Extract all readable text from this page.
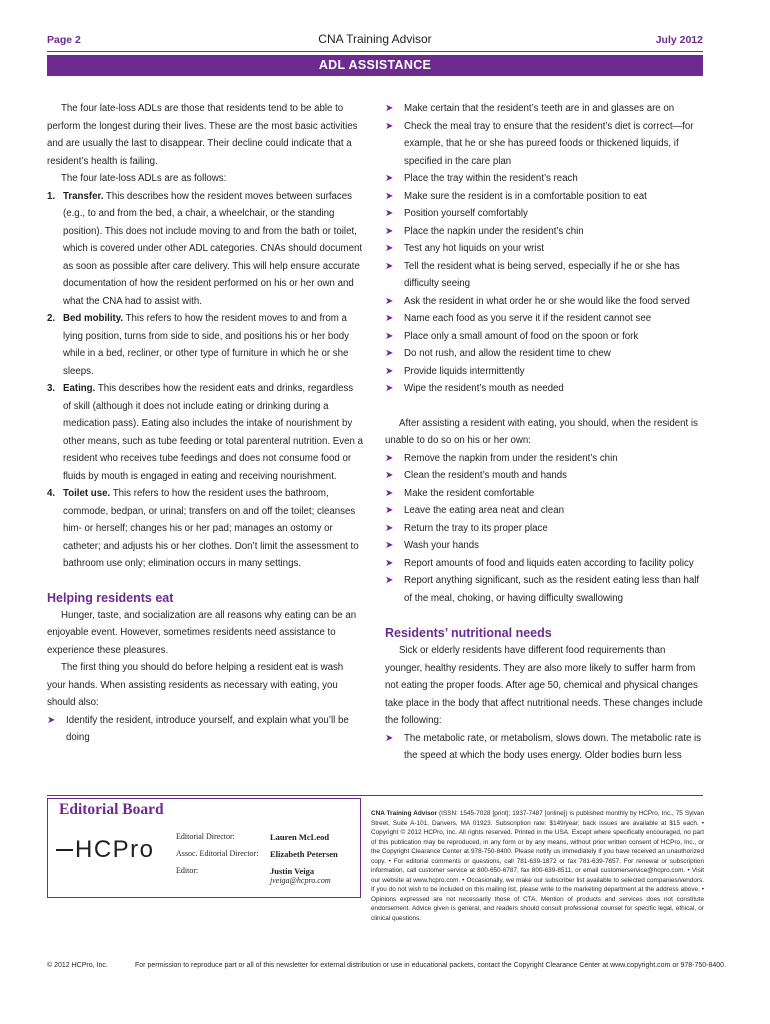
Page 2	CNA Training Advisor	July 2012
ADL ASSISTANCE

The four late-loss ADLs are those that residents tend to be able to perform the longest during their lives. These are the most basic activities and are usually the last to disappear. Their decline could indicate that a resident’s health is failing.

The four late-loss ADLs are as follows:

1. Transfer. This describes how the resident moves between surfaces (e.g., to and from the bed, a chair, a wheelchair, or the standing position). This does not include moving to and from the bath or toilet, which is covered under other ADL categories. CNAs should document as soon as possible after care delivery. This will help ensure accurate documentation of how the resident performed on his or her own and what the CNA had to assist with.
2. Bed mobility. This refers to how the resident moves to and from a lying position, turns from side to side, and positions his or her body while in a bed, recliner, or other type of furniture in which he or she sleeps.
3. Eating. This describes how the resident eats and drinks, regardless of skill (although it does not include eating or drinking during a medication pass). Eating also includes the intake of nourishment by other means, such as tube feeding or total parenteral nutrition. Even a resident who receives tube feedings and does not consume food or fluids by mouth is engaged in eating and receiving nourishment.
4. Toilet use. This refers to how the resident uses the bathroom, commode, bedpan, or urinal; transfers on and off the toilet; cleanses him- or herself; changes his or her pad; manages an ostomy or catheter; and adjusts his or her clothes. Don’t limit the assessment to bathroom use only; elimination occurs in many settings.
Helping residents eat

Hunger, taste, and socialization are all reasons why eating can be an enjoyable event. However, sometimes residents need assistance to experience these pleasures.

The first thing you should do before helping a resident eat is wash your hands. When assisting residents as necessary with eating, you should also:

➤ Identify the resident, introduce yourself, and explain what you’ll be doing
➤ Make certain that the resident’s teeth are in and glasses are on
➤ Check the meal tray to ensure that the resident’s diet is correct—for example, that he or she has pureed foods or thickened liquids, if specified in the care plan
➤ Place the tray within the resident’s reach
➤ Make sure the resident is in a comfortable position to eat
➤ Position yourself comfortably
➤ Place the napkin under the resident’s chin
➤ Test any hot liquids on your wrist
➤ Tell the resident what is being served, especially if he or she has difficulty seeing
➤ Ask the resident in what order he or she would like the food served
➤ Name each food as you serve it if the resident cannot see
➤ Place only a small amount of food on the spoon or fork
➤ Do not rush, and allow the resident time to chew
➤ Provide liquids intermittently
➤ Wipe the resident’s mouth as needed

After assisting a resident with eating, you should, when the resident is unable to do so on his or her own:

➤ Remove the napkin from under the resident’s chin
➤ Clean the resident’s mouth and hands
➤ Make the resident comfortable
➤ Leave the eating area neat and clean
➤ Return the tray to its proper place
➤ Wash your hands
➤ Report amounts of food and liquids eaten according to facility policy
➤ Report anything significant, such as the resident eating less than half of the meal, choking, or having difficulty swallowing
Residents’ nutritional needs

Sick or elderly residents have different food requirements than younger, healthy residents. They are also more likely to suffer harm from not eating the proper foods. After age 50, chemical and physical changes take place in the body that affect nutritional needs. These changes include the following:

➤ The metabolic rate, or metabolism, slows down. The metabolic rate is the speed at which the body uses energy. Older bodies burn less
Editorial Board
HCPro	Editorial Director:	Lauren McLeod
Assoc. Editorial Director: Elizabeth Petersen
Editor:	Justin Veiga
jveiga@hcpro.com
CNA Training Advisor (ISSN: 1545-7028 [print]; 1937-7487 [online]) is published monthly by HCPro, Inc., 75 Sylvan Street, Suite A-101, Danvers, MA 01923. Subscription rate: $149/year; back issues are available at $15 each. • Copyright © 2012 HCPro, Inc. All rights reserved. Printed in the USA. Except where specifically encouraged, no part of this publication may be reproduced, in any form or by any means, without prior written consent of HCPro, Inc., or the Copyright Clearance Center at 978-750-8400. Please notify us immediately if you have received an unauthorized copy. • For editorial comments or questions, call 781-639-1872 or fax 781-639-7857. For renewal or subscription information, call customer service at 800-650-6787, fax 800-639-8511, or email customerservice@hcpro.com. • Visit our website at www.hcpro.com. • Occasionally, we make our subscriber list available to selected companies/vendors. If you do not wish to be included on this mailing list, please write to the marketing department at the address above. • Opinions expressed are not necessarily those of CTA. Mention of products and services does not constitute endorsement. Advice given is general, and readers should consult professional counsel for specific legal, ethical, or clinical questions.
© 2012 HCPro, Inc.	For permission to reproduce part or all of this newsletter for external distribution or use in educational packets, contact the Copyright Clearance Center at www.copyright.com or 978-750-8400.
